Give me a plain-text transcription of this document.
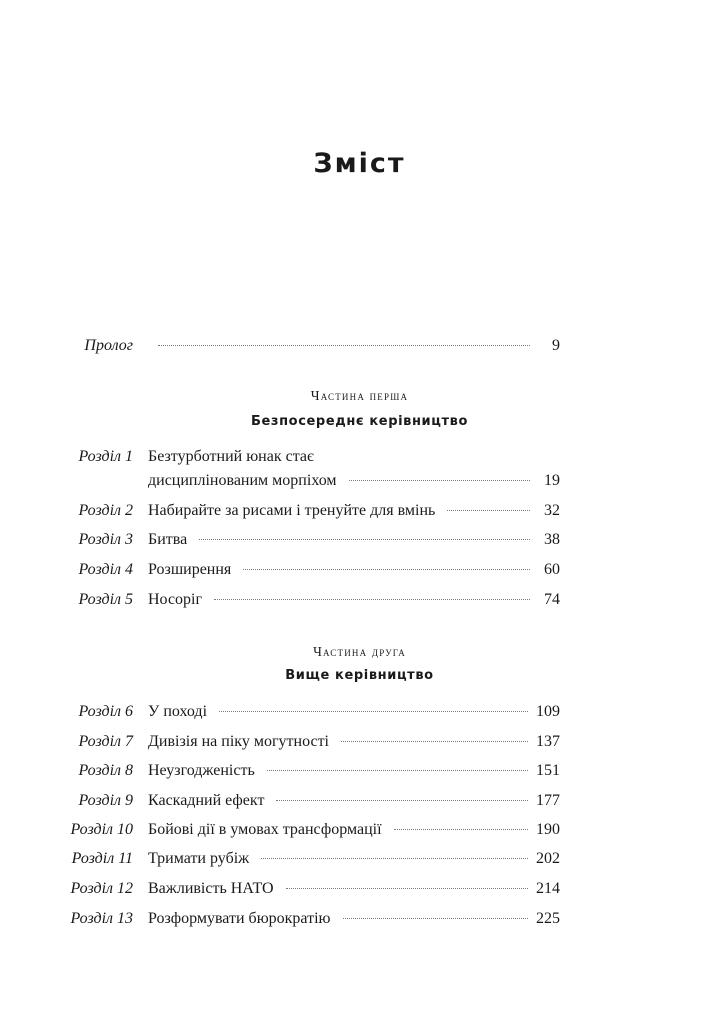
Зміст
Пролог	9
Частина перша
Безпосереднє керівництво
Розділ 1 Безтурботний юнак стає
дисциплінованим морпіхом	19
Розділ 2 Набирайте за рисами і тренуйте для вмінь	32
Розділ 3 Битва	38
Розділ 4 Розширення	60
Розділ 5 Носоріг	74
Частина друга
Вище керівництво
Розділ 6 У поході	109
Розділ 7 Дивізія на піку могутності	137
Розділ 8 Неузгодженість	151
Розділ 9 Каскадний ефект	177
Розділ 10 Бойові дії в умовах трансформації	190
Розділ 11 Тримати рубіж	202
Розділ 12 Важливість НАТО	214
Розділ 13 Розформувати бюрократію	225
